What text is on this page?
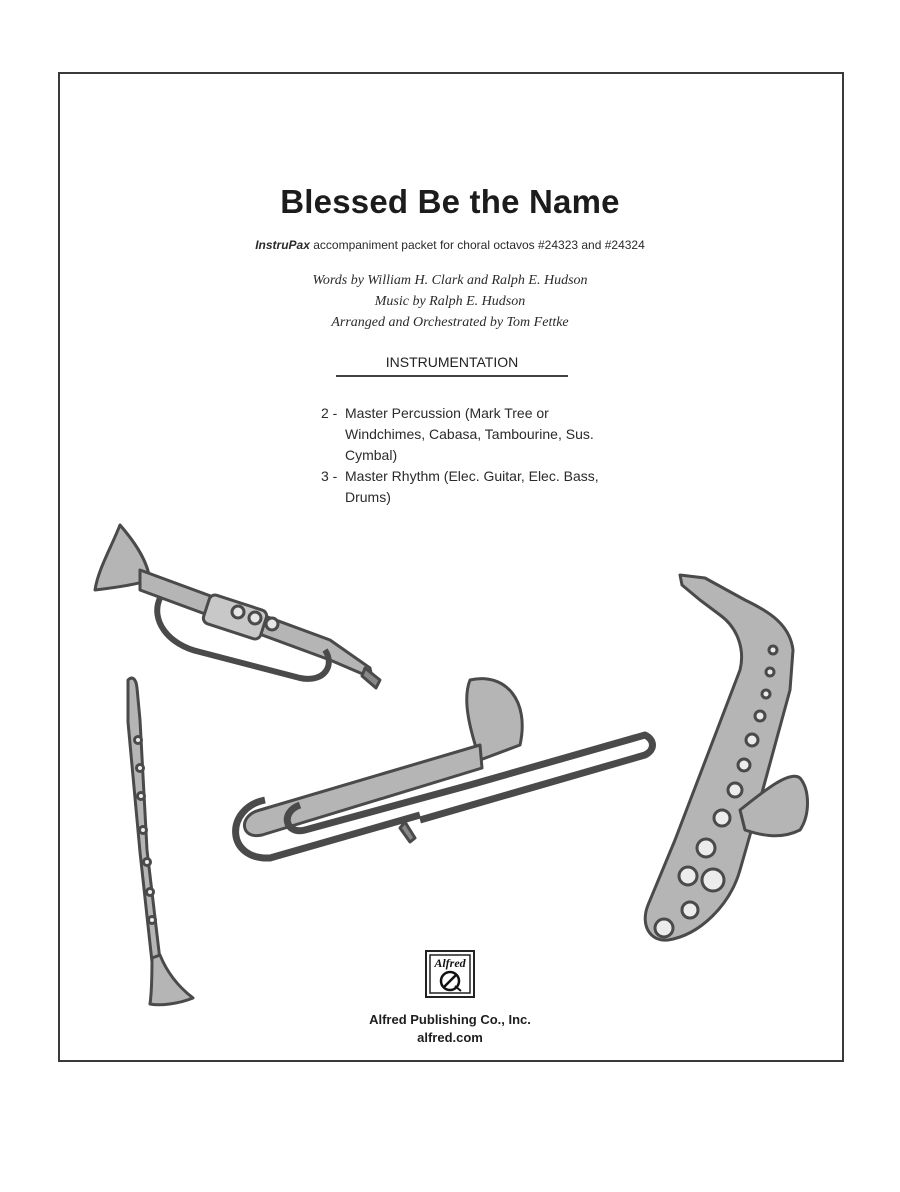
Blessed Be the Name
InstruPax accompaniment packet for choral octavos #24323 and #24324
Words by William H. Clark and Ralph E. Hudson
Music by Ralph E. Hudson
Arranged and Orchestrated by Tom Fettke
INSTRUMENTATION
2 - Master Percussion (Mark Tree or Windchimes, Cabasa, Tambourine, Sus. Cymbal)
3 - Master Rhythm (Elec. Guitar, Elec. Bass, Drums)
Alfred
Alfred Publishing Co., Inc.
alfred.com
